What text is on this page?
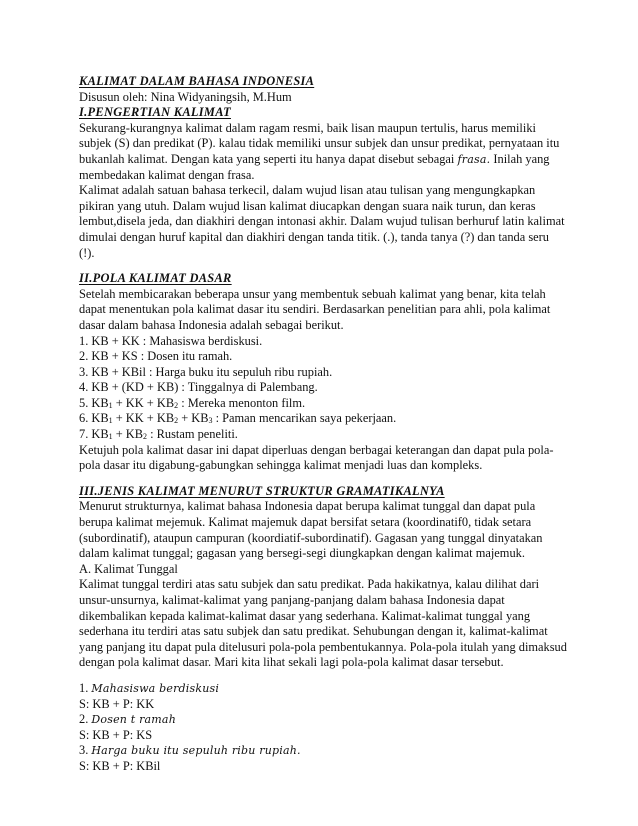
KALIMAT DALAM BAHASA INDONESIA

Disusun oleh: Nina Widyaningsih, M.Hum

I.PENGERTIAN KALIMAT

Sekurang-kurangnya kalimat dalam ragam resmi, baik lisan maupun tertulis, harus memiliki subjek (S) dan predikat (P). kalau tidak memiliki unsur subjek dan unsur predikat, pernyataan itu bukanlah kalimat. Dengan kata yang seperti itu hanya dapat disebut sebagai frasa. Inilah yang membedakan kalimat dengan frasa.

Kalimat adalah satuan bahasa terkecil, dalam wujud lisan atau tulisan yang mengungkapkan pikiran yang utuh. Dalam wujud lisan kalimat diucapkan dengan suara naik turun, dan keras lembut,disela jeda, dan diakhiri dengan intonasi akhir. Dalam wujud tulisan berhuruf latin kalimat dimulai dengan huruf kapital dan diakhiri dengan tanda titik. (.), tanda tanya (?) dan tanda seru (!).

II.POLA KALIMAT DASAR

Setelah membicarakan beberapa unsur yang membentuk sebuah kalimat yang benar, kita telah dapat menentukan pola kalimat dasar itu sendiri. Berdasarkan penelitian para ahli, pola kalimat dasar dalam bahasa Indonesia adalah sebagai berikut.

1. KB + KK : Mahasiswa berdiskusi.

2. KB + KS : Dosen itu ramah.

3. KB + KBil : Harga buku itu sepuluh ribu rupiah.

4. KB + (KD + KB) : Tinggalnya di Palembang.

5. $KB_1$ + KK + $KB_2$ : Mereka menonton film.

6. $KB_1$ + KK + $KB_2 + KB_3$ : Paman mencarikan saya pekerjaan.

7. $KB_1 + KB_2$ : Rustam peneliti.

Ketujuh pola kalimat dasar ini dapat diperluas dengan berbagai keterangan dan dapat pula pola-pola dasar itu digabung-gabungkan sehingga kalimat menjadi luas dan kompleks.

III.JENIS KALIMAT MENURUT STRUKTUR GRAMATIKALNYA

Menurut strukturnya, kalimat bahasa Indonesia dapat berupa kalimat tunggal dan dapat pula berupa kalimat mejemuk. Kalimat majemuk dapat bersifat setara (koordinatif0, tidak setara (subordinatif), ataupun campuran (koordiatif-subordinatif). Gagasan yang tunggal dinyatakan dalam kalimat tunggal; gagasan yang bersegi-segi diungkapkan dengan kalimat majemuk.

A. Kalimat Tunggal

Kalimat tunggal terdiri atas satu subjek dan satu predikat. Pada hakikatnya, kalau dilihat dari unsur-unsurnya, kalimat-kalimat yang panjang-panjang dalam bahasa Indonesia dapat dikembalikan kepada kalimat-kalimat dasar yang sederhana. Kalimat-kalimat tunggal yang sederhana itu terdiri atas satu subjek dan satu predikat. Sehubungan dengan it, kalimat-kalimat yang panjang itu dapat pula ditelusuri pola-pola pembentukannya. Pola-pola itulah yang dimaksud dengan pola kalimat dasar. Mari kita lihat sekali lagi pola-pola kalimat dasar tersebut.

1. Mahasiswa berdiskusi

S: KB + P: KK

2. Dosen t ramah

S: KB + P: KS

3. Harga buku itu sepuluh ribu rupiah.

S: KB + P: KBil
